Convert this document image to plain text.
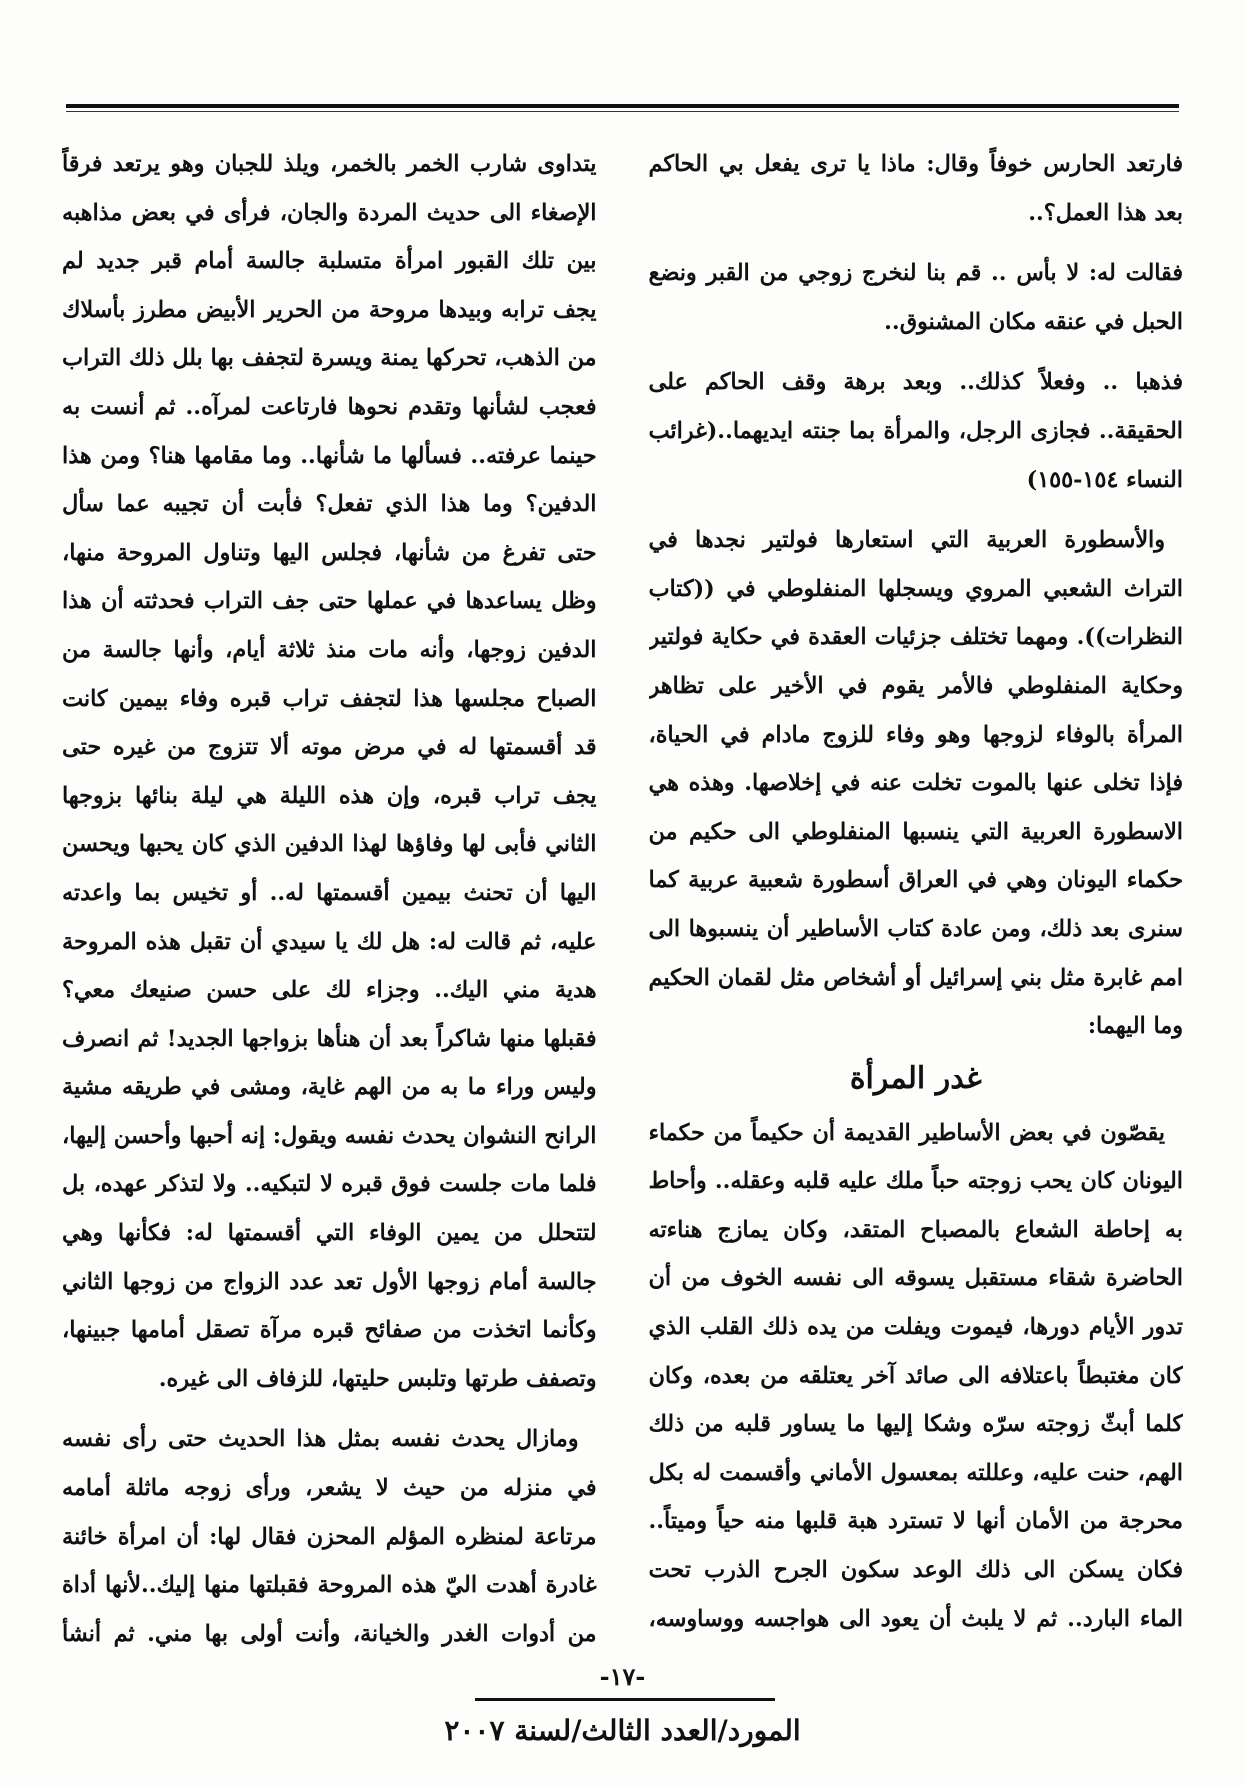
فارتعد الحارس خوفاً وقال: ماذا يا ترى يفعل بي الحاكم بعد هذا العمل؟..

فقالت له: لا بأس .. قم بنا لنخرج زوجي من القبر ونضع الحبل في عنقه مكان المشنوق..

فذهبا .. وفعلاً كذلك.. وبعد برهة وقف الحاكم على الحقيقة.. فجازى الرجل، والمرأة بما جنته ايديهما..(غرائب النساء ١٥٤-١٥٥)

والأسطورة العربية التي استعارها فولتير نجدها في التراث الشعبي المروي ويسجلها المنفلوطي في ((كتاب النظرات)). ومهما تختلف جزئيات العقدة في حكاية فولتير وحكاية المنفلوطي فالأمر يقوم في الأخير على تظاهر المرأة بالوفاء لزوجها وهو وفاء للزوج مادام في الحياة، فإذا تخلى عنها بالموت تخلت عنه في إخلاصها. وهذه هي الاسطورة العربية التي ينسبها المنفلوطي الى حكيم من حكماء اليونان وهي في العراق أسطورة شعبية عربية كما سنرى بعد ذلك، ومن عادة كتاب الأساطير أن ينسبوها الى امم غابرة مثل بني إسرائيل أو أشخاص مثل لقمان الحكيم وما اليهما:

غدر المرأة

يقصّون في بعض الأساطير القديمة أن حكيماً من حكماء اليونان كان يحب زوجته حباً ملك عليه قلبه وعقله.. وأحاط به إحاطة الشعاع بالمصباح المتقد، وكان يمازج هناءته الحاضرة شقاء مستقبل يسوقه الى نفسه الخوف من أن تدور الأيام دورها، فيموت ويفلت من يده ذلك القلب الذي كان مغتبطاً باعتلافه الى صائد آخر يعتلقه من بعده، وكان كلما أبثّ زوجته سرّه وشكا إليها ما يساور قلبه من ذلك الهم، حنت عليه، وعللته بمعسول الأماني وأقسمت له بكل محرجة من الأمان أنها لا تسترد هبة قلبها منه حياً وميتاً.. فكان يسكن الى ذلك الوعد سكون الجرح الذرب تحت الماء البارد.. ثم لا يلبث أن يعود الى هواجسه ووساوسه،

يتداوى شارب الخمر بالخمر، ويلذ للجبان وهو يرتعد فرقاً الإصغاء الى حديث المردة والجان، فرأى في بعض مذاهبه بين تلك القبور امرأة متسلبة جالسة أمام قبر جديد لم يجف ترابه وبيدها مروحة من الحرير الأبيض مطرز بأسلاك من الذهب، تحركها يمنة ويسرة لتجفف بها بلل ذلك التراب فعجب لشأنها وتقدم نحوها فارتاعت لمرآه.. ثم أنست به حينما عرفته.. فسألها ما شأنها.. وما مقامها هنا؟ ومن هذا الدفين؟ وما هذا الذي تفعل؟ فأبت أن تجيبه عما سأل حتى تفرغ من شأنها، فجلس اليها وتناول المروحة منها، وظل يساعدها في عملها حتى جف التراب فحدثته أن هذا الدفين زوجها، وأنه مات منذ ثلاثة أيام، وأنها جالسة من الصباح مجلسها هذا لتجفف تراب قبره وفاء بيمين كانت قد أقسمتها له في مرض موته ألا تتزوج من غيره حتى يجف تراب قبره، وإن هذه الليلة هي ليلة بنائها بزوجها الثاني فأبى لها وفاؤها لهذا الدفين الذي كان يحبها ويحسن اليها أن تحنث بيمين أقسمتها له.. أو تخيس بما واعدته عليه، ثم قالت له: هل لك يا سيدي أن تقبل هذه المروحة هدية مني اليك.. وجزاء لك على حسن صنيعك معي؟ فقبلها منها شاكراً بعد أن هنأها بزواجها الجديد! ثم انصرف وليس وراء ما به من الهم غاية، ومشى في طريقه مشية الرانح النشوان يحدث نفسه ويقول: إنه أحبها وأحسن إليها، فلما مات جلست فوق قبره لا لتبكيه.. ولا لتذكر عهده، بل لتتحلل من يمين الوفاء التي أقسمتها له: فكأنها وهي جالسة أمام زوجها الأول تعد عدد الزواج من زوجها الثاني وكأنما اتخذت من صفائح قبره مرآة تصقل أمامها جبينها، وتصفف طرتها وتلبس حليتها، للزفاف الى غيره.

ومازال يحدث نفسه بمثل هذا الحديث حتى رأى نفسه في منزله من حيث لا يشعر، ورأى زوجه ماثلة أمامه مرتاعة لمنظره المؤلم المحزن فقال لها: أن امرأة خائنة غادرة أهدت اليّ هذه المروحة فقبلتها منها إليك..لأنها أداة من أدوات الغدر والخيانة، وأنت أولى بها مني. ثم أنشأ

-١٧-
المورد/العدد الثالث/لسنة ٢٠٠٧
